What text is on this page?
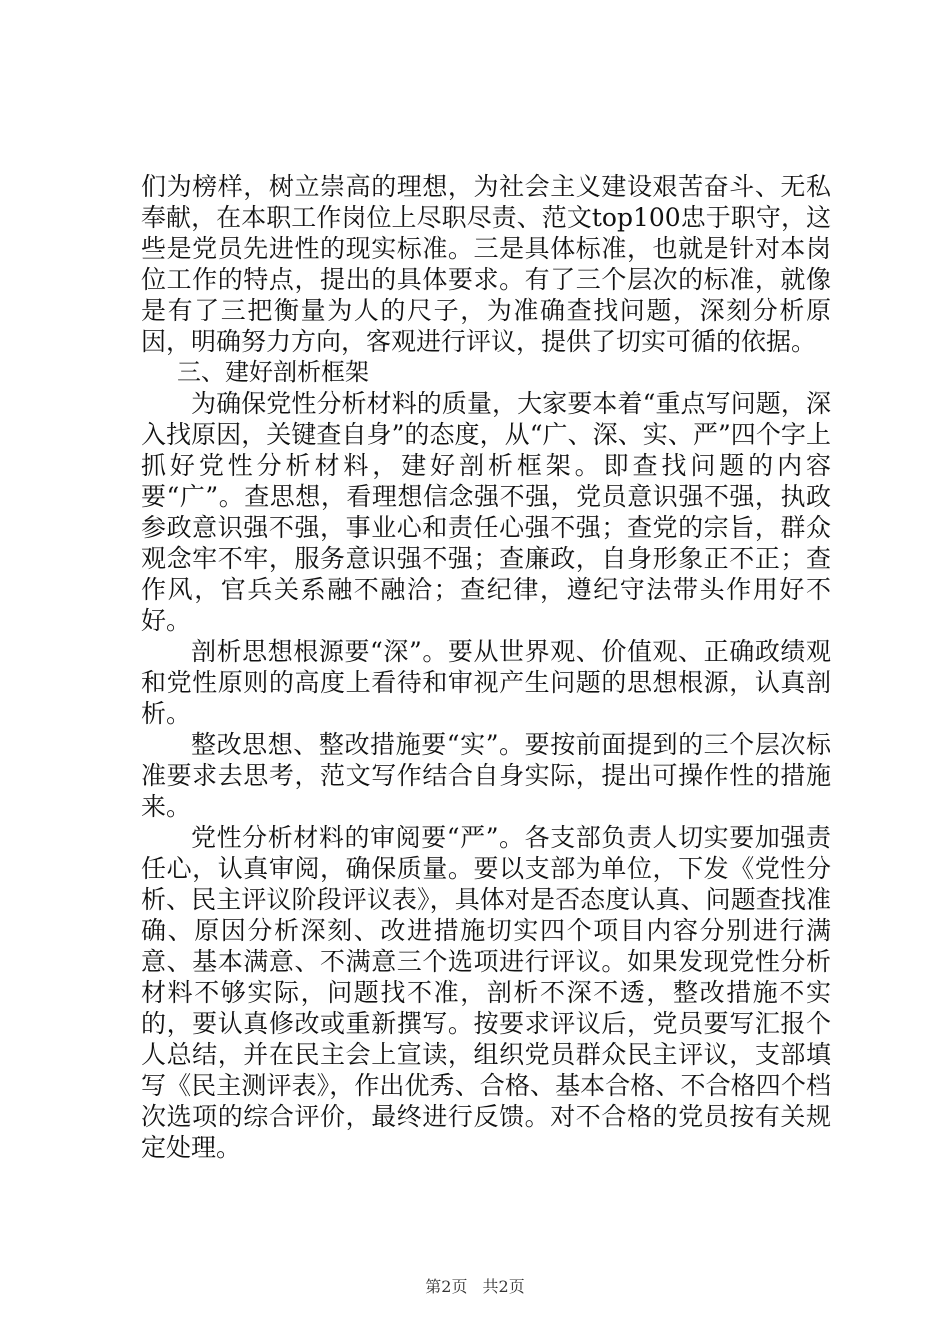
们为榜样，树立崇高的理想，为社会主义建设艰苦奋斗、无私奉献，在本职工作岗位上尽职尽责、范文top100忠于职守，这些是党员先进性的现实标准。三是具体标准，也就是针对本岗位工作的特点，提出的具体要求。有了三个层次的标准，就像是有了三把衡量为人的尺子，为准确查找问题，深刻分析原因，明确努力方向，客观进行评议，提供了切实可循的依据。

三、建好剖析框架

为确保党性分析材料的质量，大家要本着“重点写问题，深入找原因，关键查自身”的态度，从“广、深、实、严”四个字上抓好党性分析材料，建好剖析框架。即查找问题的内容要“广”。查思想，看理想信念强不强，党员意识强不强，执政参政意识强不强，事业心和责任心强不强；查党的宗旨，群众观念牢不牢，服务意识强不强；查廉政，自身形象正不正；查作风，官兵关系融不融洽；查纪律，遵纪守法带头作用好不好。

剖析思想根源要“深”。要从世界观、价值观、正确政绩观和党性原则的高度上看待和审视产生问题的思想根源，认真剖析。

整改思想、整改措施要“实”。要按前面提到的三个层次标准要求去思考，范文写作结合自身实际，提出可操作性的措施来。

党性分析材料的审阅要“严”。各支部负责人切实要加强责任心，认真审阅，确保质量。要以支部为单位，下发《党性分析、民主评议阶段评议表》，具体对是否态度认真、问题查找准确、原因分析深刻、改进措施切实四个项目内容分别进行满意、基本满意、不满意三个选项进行评议。如果发现党性分析材料不够实际，问题找不准，剖析不深不透，整改措施不实的，要认真修改或重新撰写。按要求评议后，党员要写汇报个人总结，并在民主会上宣读，组织党员群众民主评议，支部填写《民主测评表》，作出优秀、合格、基本合格、不合格四个档次选项的综合评价，最终进行反馈。对不合格的党员按有关规定处理。

第2页 共2页
